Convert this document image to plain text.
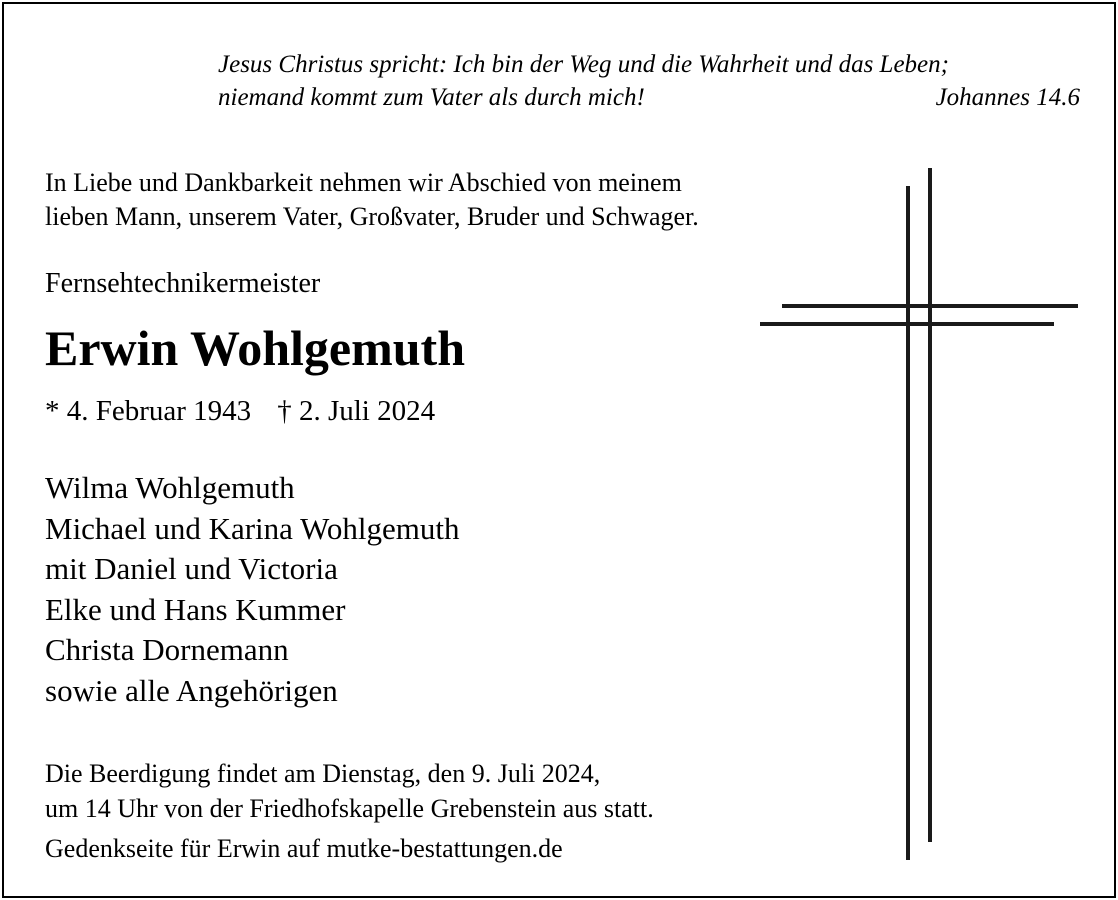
Jesus Christus spricht: Ich bin der Weg und die Wahrheit und das Leben;
niemand kommt zum Vater als durch mich!	Johannes 14.6
In Liebe und Dankbarkeit nehmen wir Abschied von meinem
lieben Mann, unserem Vater, Großvater, Bruder und Schwager.
Fernsehtechnikermeister
Erwin Wohlgemuth
* 4. Februar 1943 † 2. Juli 2024
Wilma Wohlgemuth
Michael und Karina Wohlgemuth
mit Daniel und Victoria
Elke und Hans Kummer
Christa Dornemann
sowie alle Angehörigen
Die Beerdigung findet am Dienstag, den 9. Juli 2024,
um 14 Uhr von der Friedhofskapelle Grebenstein aus statt.
Gedenkseite für Erwin auf mutke-bestattungen.de
